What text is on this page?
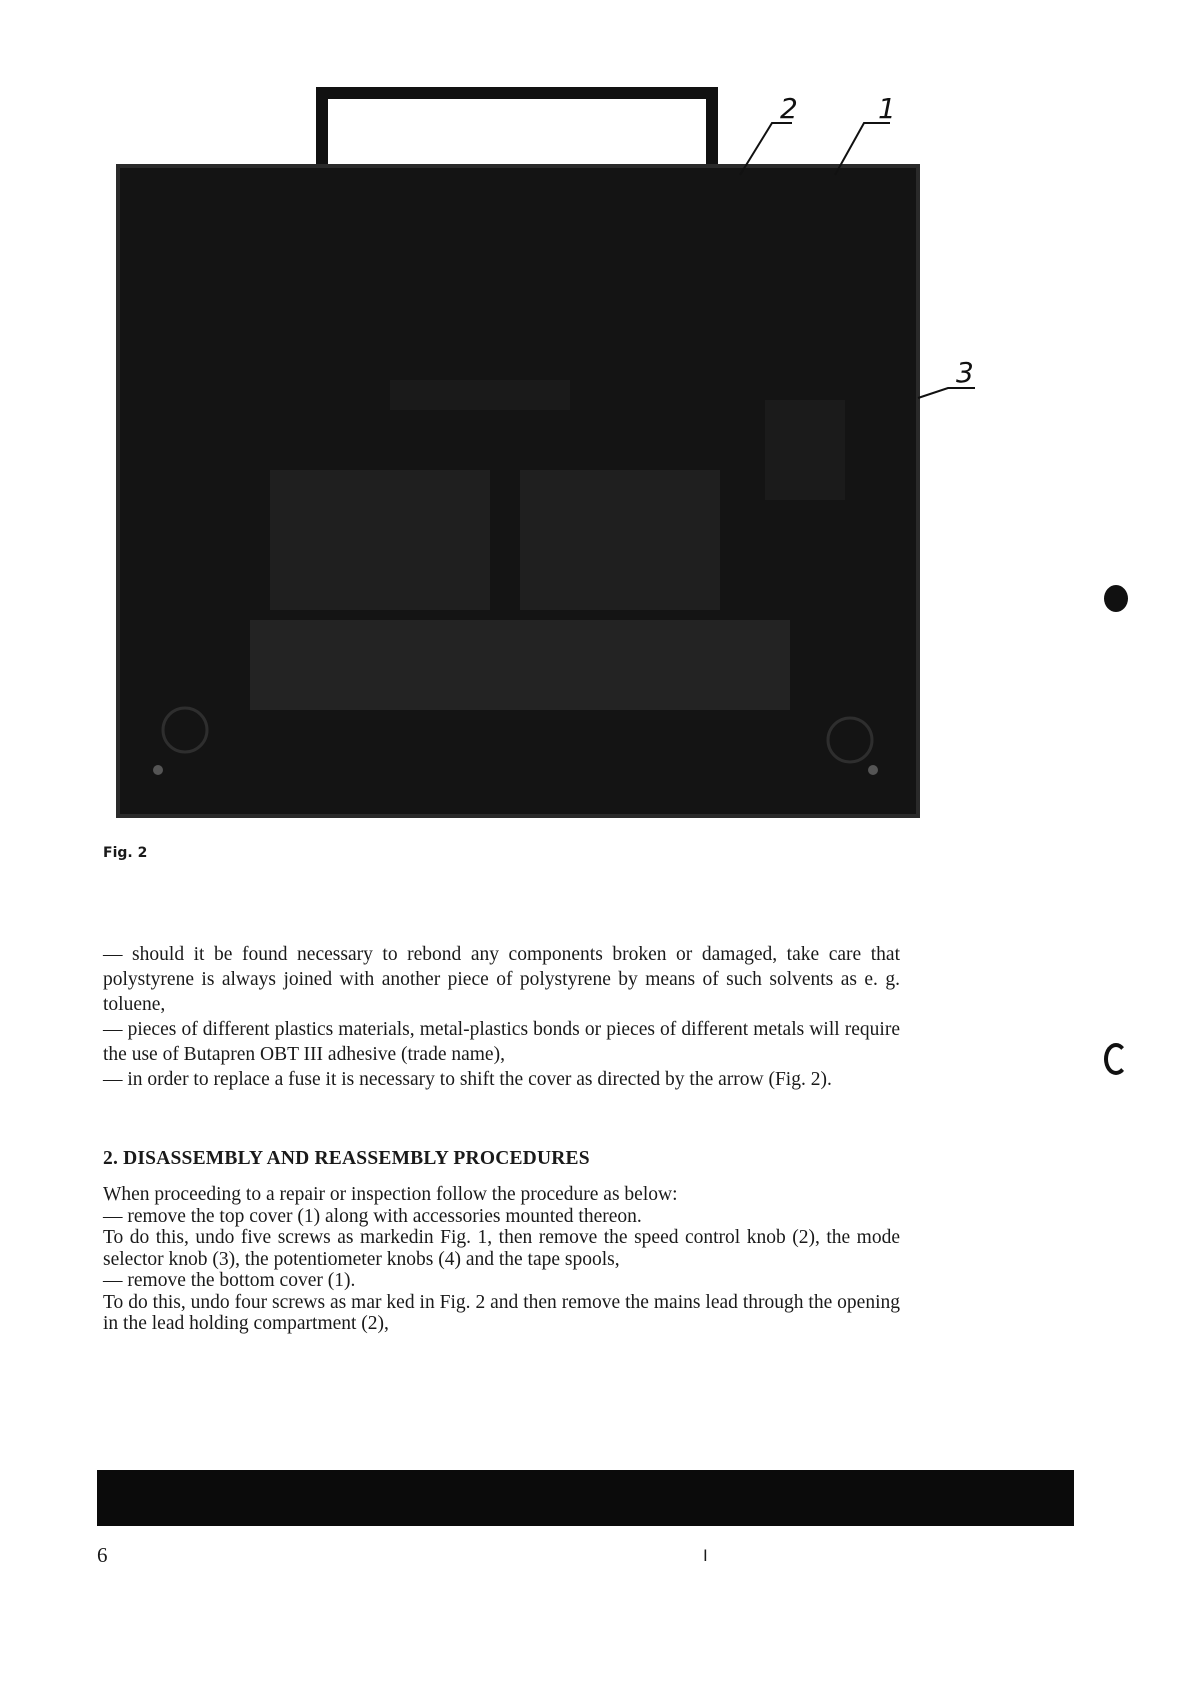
2	1
3
Fig. 2

— should it be found necessary to rebond any components broken or damaged, take care that polystyrene is always joined with another piece of polystyrene by means of such solvents as e. g. toluene,

— pieces of different plastics materials, metal-plastics bonds or pieces of different metals will require the use of Butapren OBT III adhesive (trade name),

— in order to replace a fuse it is necessary to shift the cover as directed by the arrow (Fig. 2).

2. DISASSEMBLY AND REASSEMBLY PROCEDURES

When proceeding to a repair or inspection follow the procedure as below:

— remove the top cover (1) along with accessories mounted thereon.

To do this, undo five screws as markedin Fig. 1, then remove the speed control knob (2), the mode selector knob (3), the potentiometer knobs (4) and the tape spools,

— remove the bottom cover (1).

To do this, undo four screws as mar ked in Fig. 2 and then remove the mains lead through the opening in the lead holding compartment (2),

6	I
